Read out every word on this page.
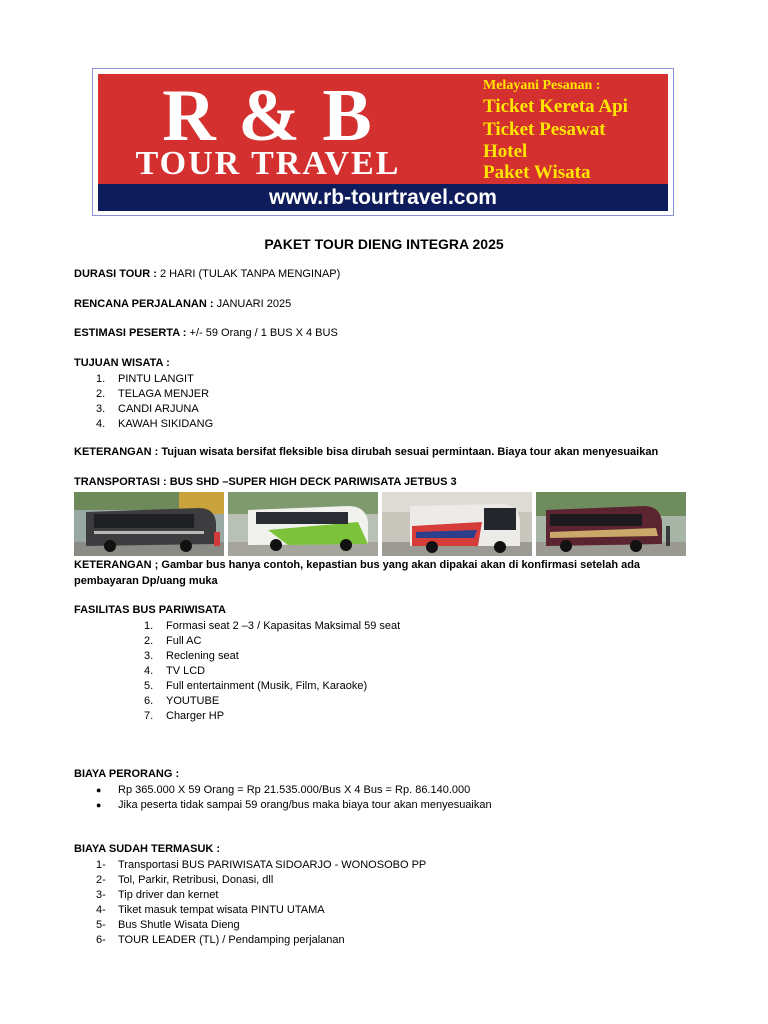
R & B
TOUR TRAVEL
Melayani Pesanan :
Ticket Kereta Api
Ticket Pesawat
Hotel
Paket Wisata
www.rb-tourtravel.com
PAKET TOUR DIENG INTEGRA 2025
DURASI TOUR : 2 HARI (TULAK TANPA MENGINAP)
RENCANA PERJALANAN : JANUARI 2025
ESTIMASI PESERTA : +/- 59 Orang / 1 BUS X 4 BUS
TUJUAN WISATA :
1. PINTU LANGIT
2. TELAGA MENJER
3. CANDI ARJUNA
4. KAWAH SIKIDANG
KETERANGAN : Tujuan wisata bersifat fleksible bisa dirubah sesuai permintaan. Biaya tour akan menyesuaikan
TRANSPORTASI : BUS SHD –SUPER HIGH DECK PARIWISATA JETBUS 3
KETERANGAN ; Gambar bus hanya contoh, kepastian bus yang akan dipakai akan di konfirmasi setelah ada
pembayaran Dp/uang muka
FASILITAS BUS PARIWISATA
1. Formasi seat 2 –3 / Kapasitas Maksimal 59 seat
2. Full AC
3. Reclening seat
4. TV LCD
5. Full entertainment (Musik, Film, Karaoke)
6. YOUTUBE
7. Charger HP
BIAYA PERORANG :
● Rp 365.000 X 59 Orang = Rp 21.535.000/Bus X 4 Bus = Rp. 86.140.000
● Jika peserta tidak sampai 59 orang/bus maka biaya tour akan menyesuaikan
BIAYA SUDAH TERMASUK :
1- Transportasi BUS PARIWISATA SIDOARJO - WONOSOBO PP
2- Tol, Parkir, Retribusi, Donasi, dll
3- Tip driver dan kernet
4- Tiket masuk tempat wisata PINTU UTAMA
5- Bus Shutle Wisata Dieng
6- TOUR LEADER (TL) / Pendamping perjalanan
